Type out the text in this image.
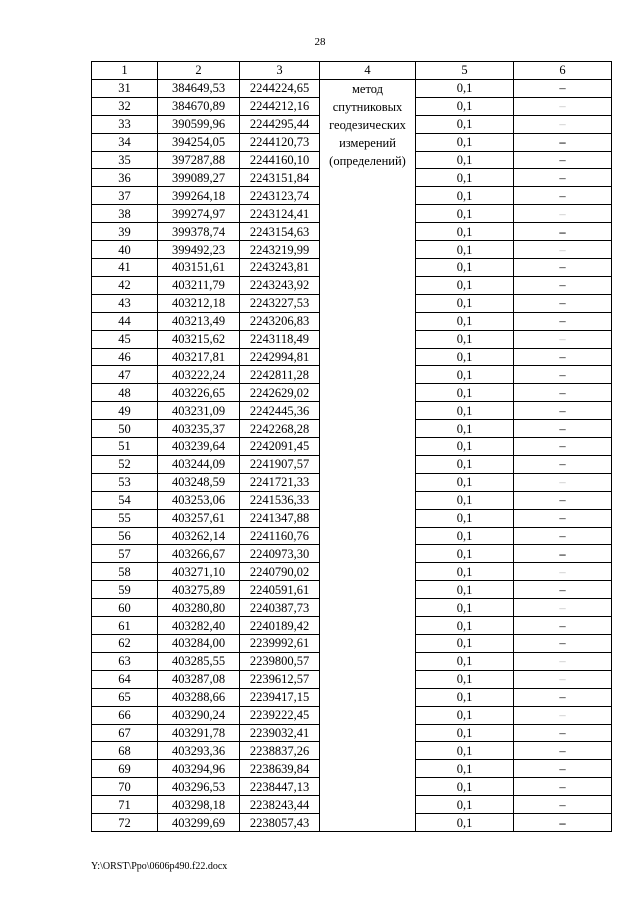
28
1	2	3	4	5	6
31	384649,53	2244224,65	метод
спутниковых
геодезических
измерений
(определений)	0,1	–
32	384670,89	2244212,16		0,1	–
33	390599,96	2244295,44		0,1	–
34	394254,05	2244120,73		0,1	–
35	397287,88	2244160,10		0,1	–
36	399089,27	2243151,84		0,1	–
37	399264,18	2243123,74		0,1	–
38	399274,97	2243124,41		0,1	–
39	399378,74	2243154,63		0,1	–
40	399492,23	2243219,99		0,1	–
41	403151,61	2243243,81		0,1	–
42	403211,79	2243243,92		0,1	–
43	403212,18	2243227,53		0,1	–
44	403213,49	2243206,83		0,1	–
45	403215,62	2243118,49		0,1	–
46	403217,81	2242994,81		0,1	–
47	403222,24	2242811,28		0,1	–
48	403226,65	2242629,02		0,1	–
49	403231,09	2242445,36		0,1	–
50	403235,37	2242268,28		0,1	–
51	403239,64	2242091,45		0,1	–
52	403244,09	2241907,57		0,1	–
53	403248,59	2241721,33		0,1	–
54	403253,06	2241536,33		0,1	–
55	403257,61	2241347,88		0,1	–
56	403262,14	2241160,76		0,1	–
57	403266,67	2240973,30		0,1	–
58	403271,10	2240790,02		0,1	–
59	403275,89	2240591,61		0,1	–
60	403280,80	2240387,73		0,1	–
61	403282,40	2240189,42		0,1	–
62	403284,00	2239992,61		0,1	–
63	403285,55	2239800,57		0,1	–
64	403287,08	2239612,57		0,1	–
65	403288,66	2239417,15		0,1	–
66	403290,24	2239222,45		0,1	–
67	403291,78	2239032,41		0,1	–
68	403293,36	2238837,26		0,1	–
69	403294,96	2238639,84		0,1	–
70	403296,53	2238447,13		0,1	–
71	403298,18	2238243,44		0,1	–
72	403299,69	2238057,43		0,1	–
Y:\ORST\Ppo\0606p490.f22.docx
